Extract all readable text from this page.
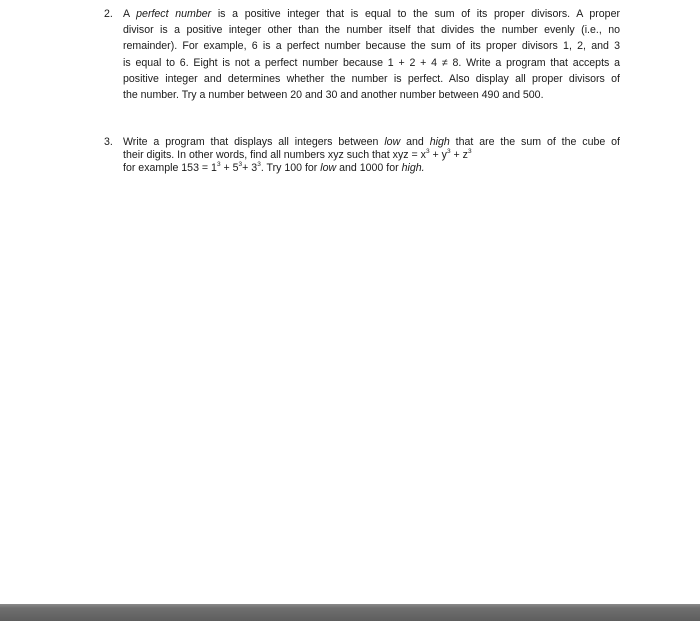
2. A perfect number is a positive integer that is equal to the sum of its proper divisors. A proper
divisor is a positive integer other than the number itself that divides the number evenly (i.e., no
remainder). For example, 6 is a perfect number because the sum of its proper divisors 1, 2, and 3
is equal to 6. Eight is not a perfect number because 1 + 2 + 4 ≠ 8. Write a program that accepts a
positive integer and determines whether the number is perfect. Also display all proper divisors of
the number. Try a number between 20 and 30 and another number between 490 and 500.
3. Write a program that displays all integers between low and high that are the sum of the cube of
their digits. In other words, find all numbers xyz such that xyz = $x^3 + y^3 + z^3$
for example $153 = 1^3 + 5^3+ 3^3$. Try 100 for low and 1000 for high.
